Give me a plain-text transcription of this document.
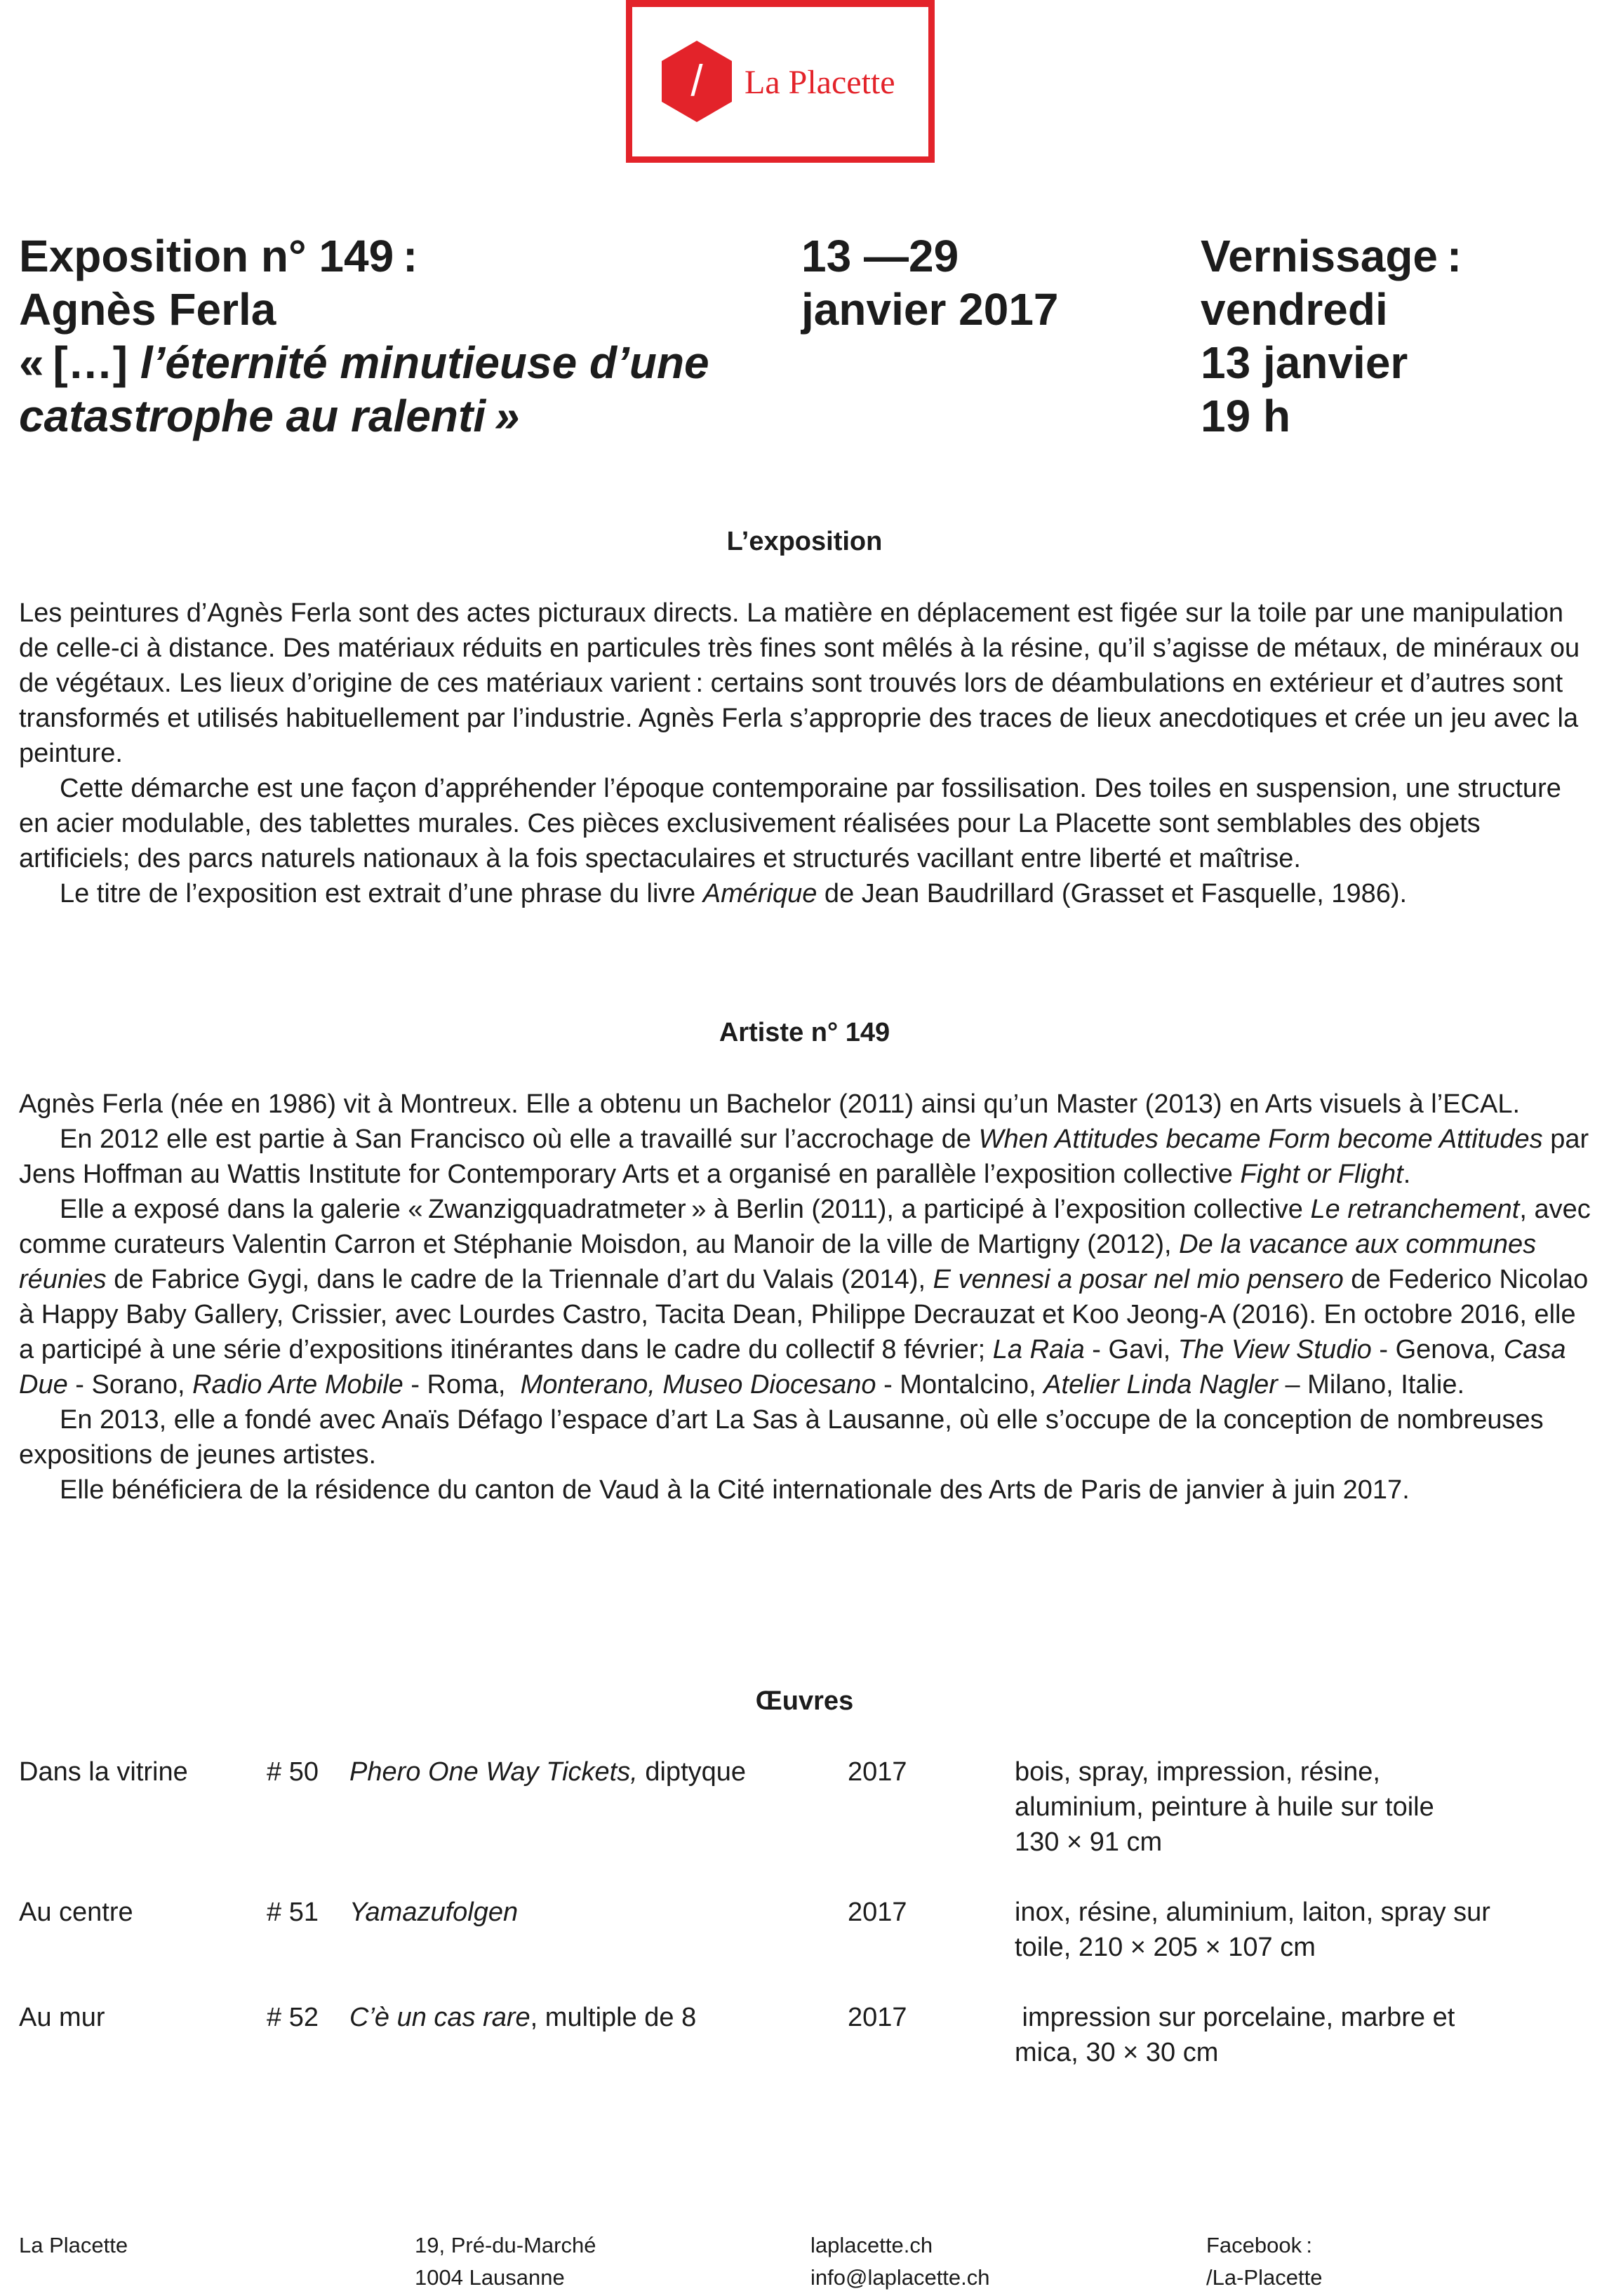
/ La Placette
Exposition n° 149 :
Agnès Ferla
« […] l’éternité minutieuse d’une
catastrophe au ralenti »
13 —29
janvier 2017
Vernissage :
vendredi
13 janvier
19 h
L’exposition

Les peintures d’Agnès Ferla sont des actes picturaux directs. La matière en déplacement est figée sur la toile par une manipulation de celle-ci à distance. Des matériaux réduits en particules très fines sont mêlés à la résine, qu’il s’agisse de métaux, de minéraux ou de végétaux. Les lieux d’origine de ces matériaux varient : certains sont trouvés lors de déambulations en extérieur et d’autres sont transformés et utilisés habituellement par l’industrie. Agnès Ferla s’approprie des traces de lieux anecdotiques et crée un jeu avec la peinture.

Cette démarche est une façon d’appréhender l’époque contemporaine par fossilisation. Des toiles en suspension, une structure en acier modulable, des tablettes murales. Ces pièces exclusivement réalisées pour La Placette sont semblables des objets artificiels; des parcs naturels nationaux à la fois spectaculaires et structurés vacillant entre liberté et maîtrise.

Le titre de l’exposition est extrait d’une phrase du livre Amérique de Jean Baudrillard (Grasset et Fasquelle, 1986).

Artiste n° 149

Agnès Ferla (née en 1986) vit à Montreux. Elle a obtenu un Bachelor (2011) ainsi qu’un Master (2013) en Arts visuels à l’ECAL.

En 2012 elle est partie à San Francisco où elle a travaillé sur l’accrochage de When Attitudes became Form become Attitudes par Jens Hoffman au Wattis Institute for Contemporary Arts et a organisé en parallèle l’exposition collective Fight or Flight.

Elle a exposé dans la galerie « Zwanzigquadratmeter » à Berlin (2011), a participé à l’exposition collective Le retranchement, avec comme curateurs Valentin Carron et Stéphanie Moisdon, au Manoir de la ville de Martigny (2012), De la vacance aux communes réunies de Fabrice Gygi, dans le cadre de la Triennale d’art du Valais (2014), E vennesi a posar nel mio pensero de Federico Nicolao à Happy Baby Gallery, Crissier, avec Lourdes Castro, Tacita Dean, Philippe Decrauzat et Koo Jeong-A (2016). En octobre 2016, elle a participé à une série d’expositions itinérantes dans le cadre du collectif 8 février; La Raia - Gavi, The View Studio - Genova, Casa Due - Sorano, Radio Arte Mobile - Roma,  Monterano, Museo Diocesano - Montalcino, Atelier Linda Nagler – Milano, Italie.

En 2013, elle a fondé avec Anaïs Défago l’espace d’art La Sas à Lausanne, où elle s’occupe de la conception de nombreuses expositions de jeunes artistes.

Elle bénéficiera de la résidence du canton de Vaud à la Cité internationale des Arts de Paris de janvier à juin 2017.

Œuvres
Dans la vitrine	# 50 Phero One Way Tickets, diptyque	2017	bois, spray, impression, résine,
aluminium, peinture à huile sur toile
130 × 91 cm
Au centre	# 51 Yamazufolgen	2017	inox, résine, aluminium, laiton, spray sur
toile, 210 × 205 × 107 cm
Au mur	# 52 C’è un cas rare, multiple de 8	2017	impression sur porcelaine, marbre et
mica, 30 × 30 cm
La Placette	19, Pré-du-Marché
1004 Lausanne
laplacette.ch
info@laplacette.ch
Facebook :
/La-Placette
